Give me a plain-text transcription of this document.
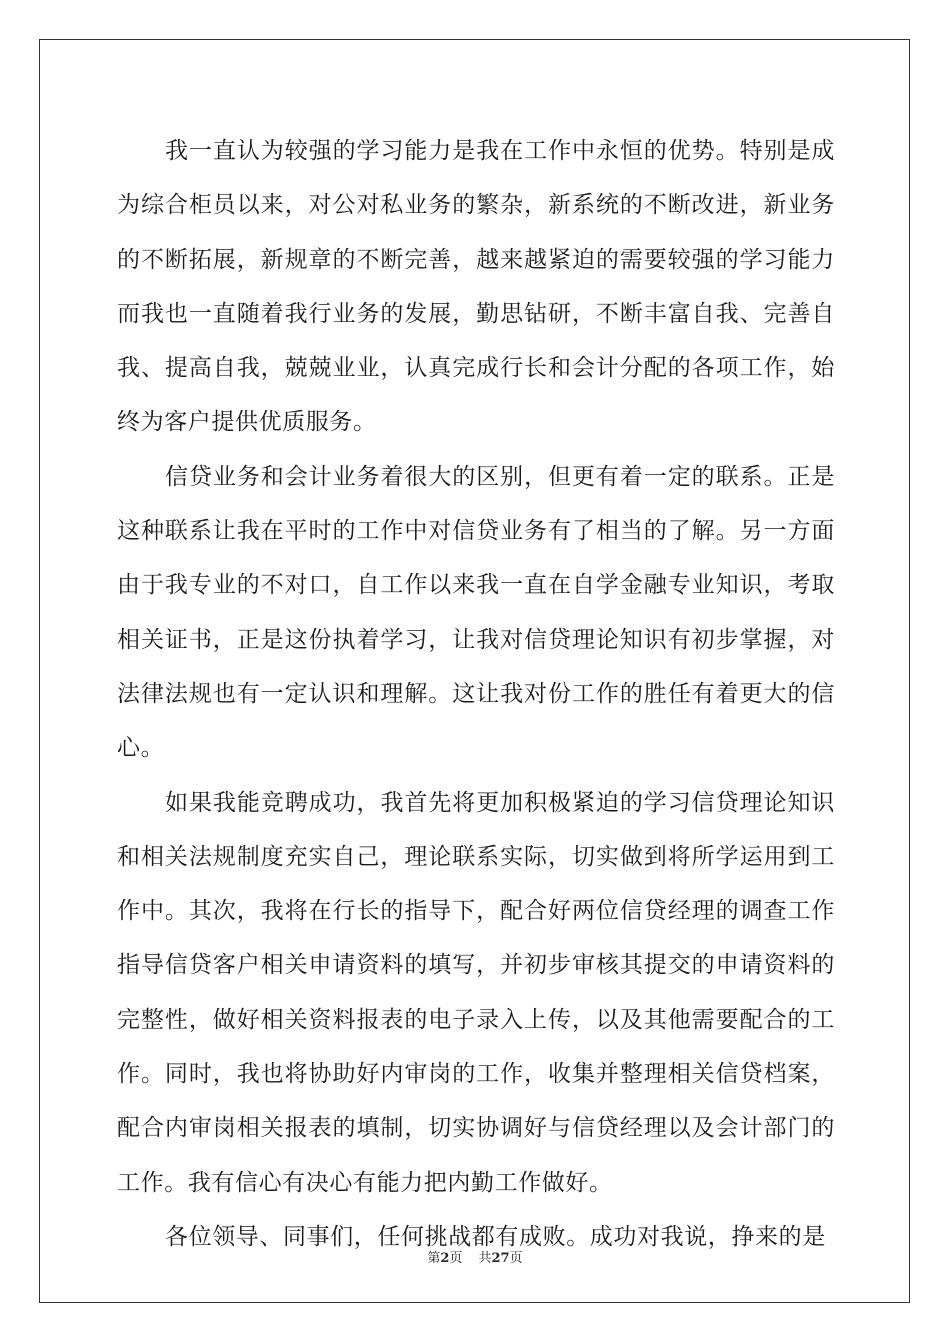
我一直认为较强的学习能力是我在工作中永恒的优势。特别是成为综合柜员以来，对公对私业务的繁杂，新系统的不断改进，新业务的不断拓展，新规章的不断完善，越来越紧迫的需要较强的学习能力而我也一直随着我行业务的发展，勤思钻研，不断丰富自我、完善自我、提高自我，兢兢业业，认真完成行长和会计分配的各项工作，始终为客户提供优质服务。

信贷业务和会计业务着很大的区别，但更有着一定的联系。正是这种联系让我在平时的工作中对信贷业务有了相当的了解。另一方面由于我专业的不对口，自工作以来我一直在自学金融专业知识，考取相关证书，正是这份执着学习，让我对信贷理论知识有初步掌握，对法律法规也有一定认识和理解。这让我对份工作的胜任有着更大的信心。

如果我能竞聘成功，我首先将更加积极紧迫的学习信贷理论知识和相关法规制度充实自己，理论联系实际，切实做到将所学运用到工作中。其次，我将在行长的指导下，配合好两位信贷经理的调查工作指导信贷客户相关申请资料的填写，并初步审核其提交的申请资料的完整性，做好相关资料报表的电子录入上传，以及其他需要配合的工作。同时，我也将协助好内审岗的工作，收集并整理相关信贷档案，配合内审岗相关报表的填制，切实协调好与信贷经理以及会计部门的工作。我有信心有决心有能力把内勤工作做好。

各位领导、同事们，任何挑战都有成败。成功对我说，挣来的是

第2页 共27页
